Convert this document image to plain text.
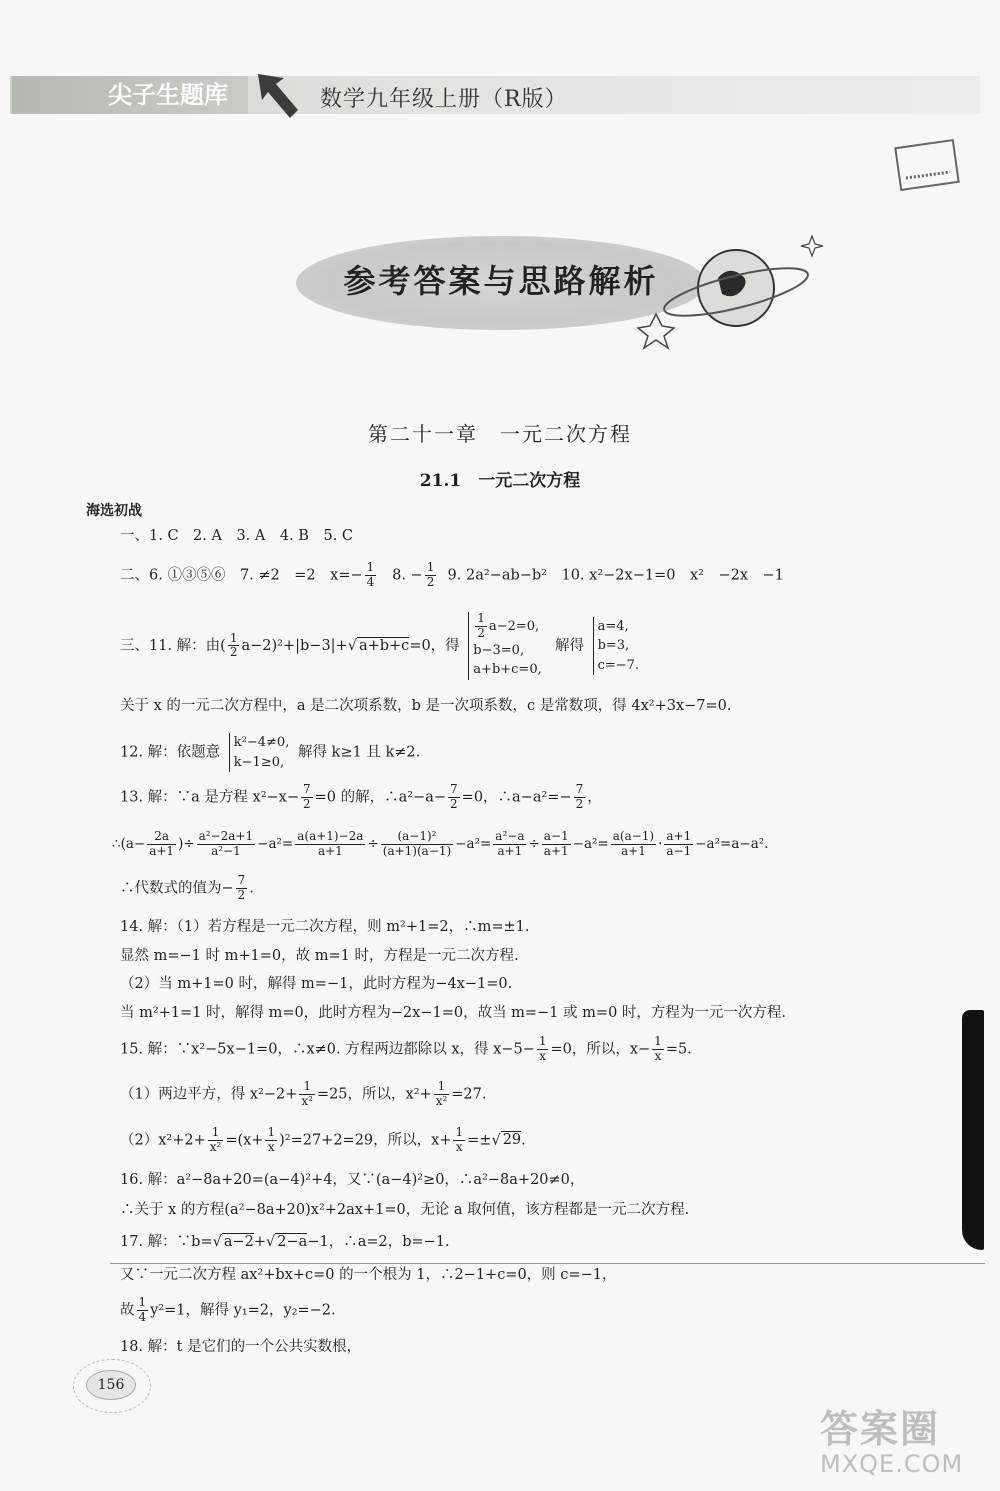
尖子生题库	数学九年级上册（R版）
参考答案与思路解析
第二十一章　一元二次方程
21.1　一元二次方程
海选初战
一、1. C　2. A　3. A　4. B　5. C
二、6. ①③⑤⑥　7. ≠2　=2　$x=- \frac{1}{4} 8$. − $\frac{1}{2} 9$. 2a²−ab−b²　10. x²−2x−1=0　x²　−2x　−1
三、11. 解：由( $\frac{1}{2} a-2)^2+|b-3|+√$ a+b+c=0，得
$\frac{1}{2} a-2=0$,
b−3=0,
a+b+c=0,  解得 a=4,
b=3,
c=−7.
关于 x 的一元二次方程中，a 是二次项系数，b 是一次项系数，c 是常数项，得 4x²+3x−7=0.
12. 解：依题意 k²−4≠0,
k−1≥0, 解得 k≥1 且 k≠2.
13. 解：∵a 是方程 $x^2-x- \frac{7}{2} =0$ 的解，∴a²−a− $\frac{7}{2} =0$，∴a−a²=− $\frac{7}{2}$ ，
∴(a− $\frac{2a}{a+1}$ )÷ $\frac{\text{a²−2a+1}}{\text{a²−1}} -a^2= \frac{a(a+1)-2a}{a+1} \div \frac{\text{(a−1)²}}{(a+1)(a-1)} -a^2= \frac{\text{a²−a}}{a+1} \div \frac{a-1}{a+1} -a^2= \frac{a(a-1)}{a+1} \cdot \frac{a+1}{a-1} -a^2=a-a^2$.
∴代数式的值为− $\frac{7}{2}$ .
14. 解：（1）若方程是一元二次方程，则 m²+1=2，∴m=±1.
显然 m=−1 时 m+1=0，故 m=1 时，方程是一元二次方程.
（2）当 m+1=0 时，解得 m=−1，此时方程为−4x−1=0.
当 m²+1=1 时，解得 m=0，此时方程为−2x−1=0，故当 m=−1 或 m=0 时，方程为一元一次方程.
15. 解：∵x²−5x−1=0，∴x≠0. 方程两边都除以 x，得 $x-5- \frac{1}{x} =0$，所以，$x- \frac{1}{x} =5$.
（1）两边平方，得 $x^2-2+ \frac{1}{\text{x²}} =25$，所以，$x^2+ \frac{1}{\text{x²}} =27$.
$(2)x^2+2+ \frac{1}{\text{x²}} =(x+ \frac{1}{x} )^2=27+2=29$，所以，$x+ \frac{1}{x}$ =±√ 29.
16. 解：a²−8a+20=(a−4)²+4，又∵(a−4)²≥0，∴a²−8a+20≠0，
∴关于 x 的方程(a²−8a+20)x²+2ax+1=0，无论 a 取何值，该方程都是一元二次方程.
17. 解：∵b=√ a−2+√ 2−a−1，∴a=2，b=−1.
又∵一元二次方程 ax²+bx+c=0 的一个根为 1，∴2−1+c=0，则 c=−1，
故 $\frac{1}{4} y^2=1$，解得 y₁=2，y₂=−2.
18. 解：t 是它们的一个公共实数根，
156
答案圈
MXQE.COM
